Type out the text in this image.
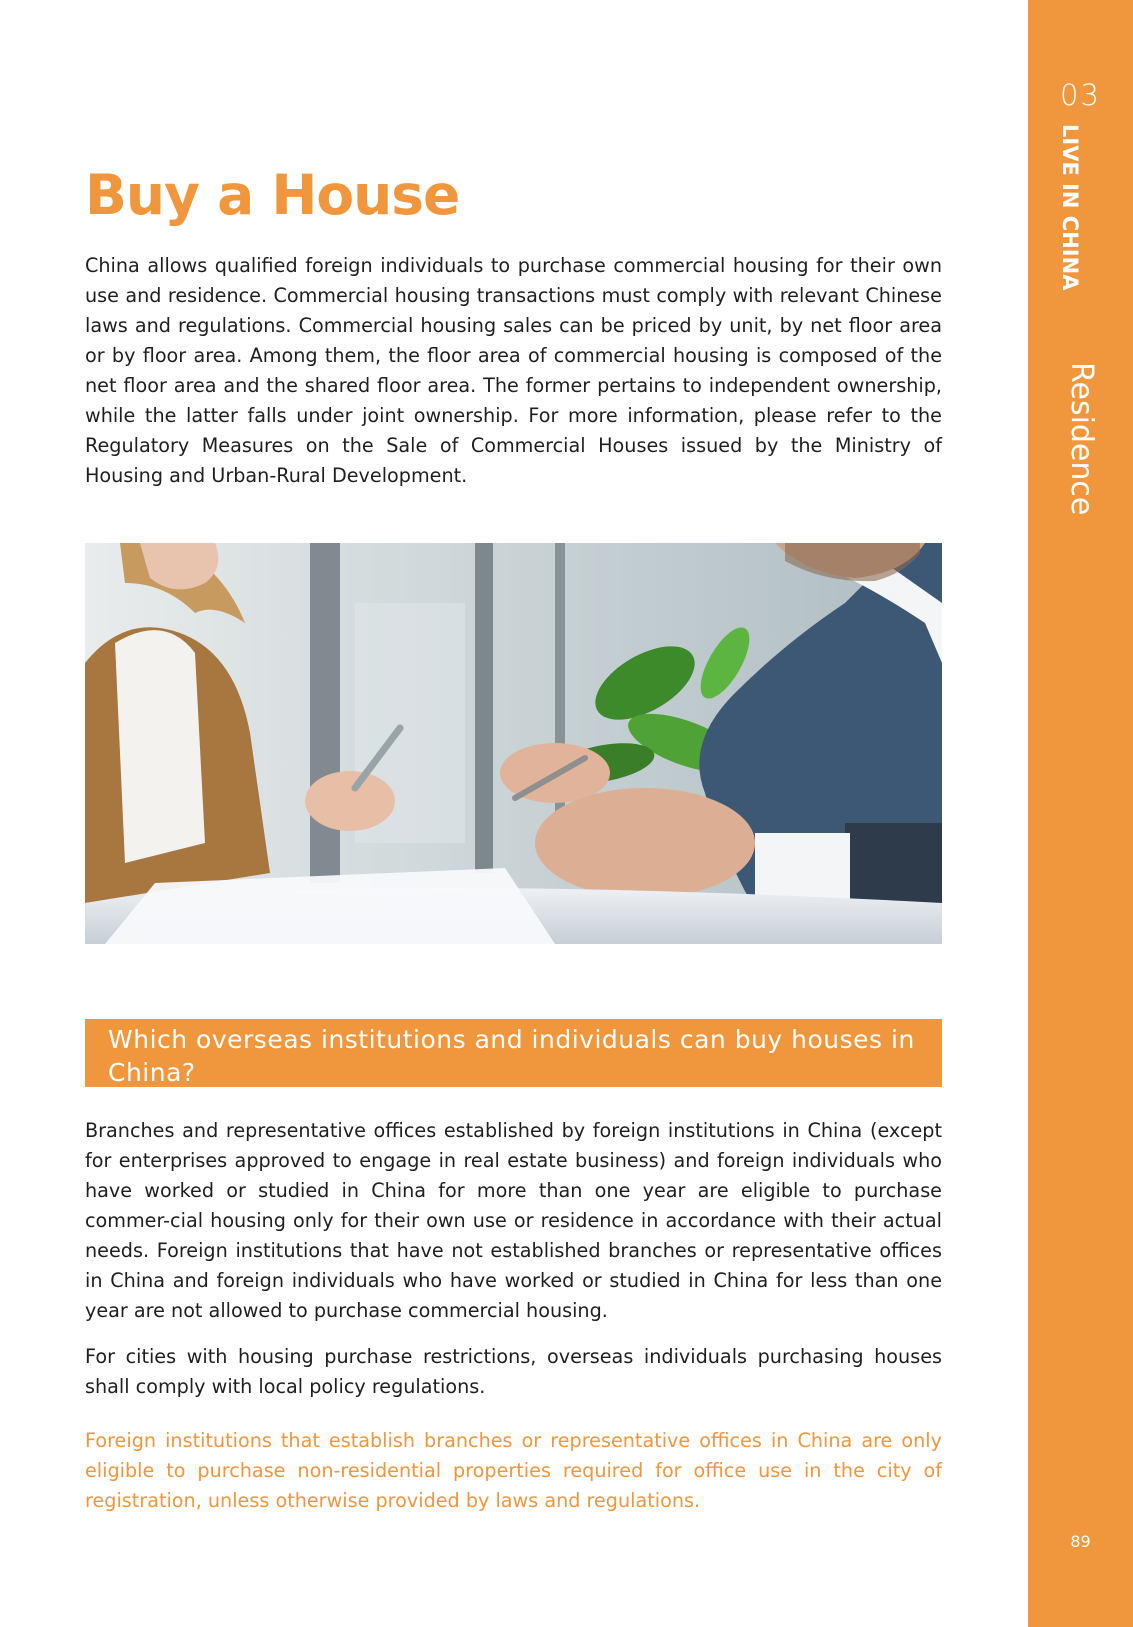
03
89
LIVE IN CHINA
Residence
Buy a House

China allows qualified foreign individuals to purchase commercial housing for their own use and residence. Commercial housing transactions must comply with relevant Chinese laws and regulations. Commercial housing sales can be priced by unit, by net floor area or by floor area. Among them, the floor area of commercial housing is composed of the net floor area and the shared floor area. The former pertains to independent ownership, while the latter falls under joint ownership. For more information, please refer to the Regulatory Measures on the Sale of Commercial Houses issued by the Ministry of Housing and Urban-Rural Development.

Which overseas institutions and individuals can buy houses in China?

Branches and representative offices established by foreign institutions in China (except for enterprises approved to engage in real estate business) and foreign individuals who have worked or studied in China for more than one year are eligible to purchase commer-cial housing only for their own use or residence in accordance with their actual needs. Foreign institutions that have not established branches or representative offices in China and foreign individuals who have worked or studied in China for less than one year are not allowed to purchase commercial housing.

For cities with housing purchase restrictions, overseas individuals purchasing houses shall comply with local policy regulations.

Foreign institutions that establish branches or representative offices in China are only eligible to purchase non-residential properties required for office use in the city of registration, unless otherwise provided by laws and regulations.
